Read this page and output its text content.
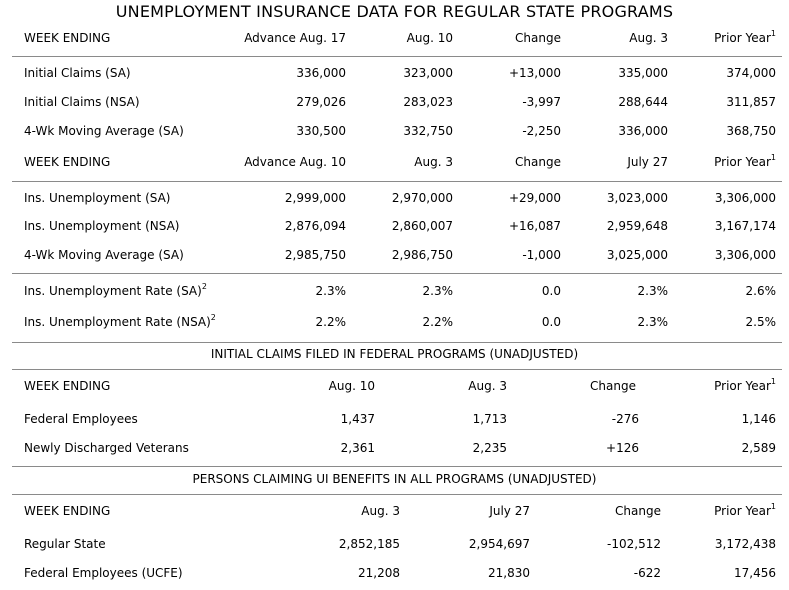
UNEMPLOYMENT INSURANCE DATA FOR REGULAR STATE PROGRAMS
WEEK ENDING	Advance Aug. 17	Aug. 10	Change	Aug. 3	Prior Year$^1$
Initial Claims (SA)	336,000	323,000	+13,000	335,000	374,000
Initial Claims (NSA)	279,026	283,023	-3,997	288,644	311,857
4-Wk Moving Average (SA)	330,500	332,750	-2,250	336,000	368,750
WEEK ENDING	Advance Aug. 10	Aug. 3	Change	July 27	Prior Year$^1$
Ins. Unemployment (SA)	2,999,000	2,970,000	+29,000	3,023,000	3,306,000
Ins. Unemployment (NSA)	2,876,094	2,860,007	+16,087	2,959,648	3,167,174
4-Wk Moving Average (SA)	2,985,750	2,986,750	-1,000	3,025,000	3,306,000
Ins. Unemployment Rate (SA)$^2$	2.3%	2.3%	0.0	2.3%	2.6%
Ins. Unemployment Rate (NSA)$^2$	2.2%	2.2%	0.0	2.3%	2.5%
INITIAL CLAIMS FILED IN FEDERAL PROGRAMS (UNADJUSTED)
WEEK ENDING	Aug. 10	Aug. 3	Change	Prior Year$^1$
Federal Employees	1,437	1,713	-276	1,146
Newly Discharged Veterans	2,361	2,235	+126	2,589
PERSONS CLAIMING UI BENEFITS IN ALL PROGRAMS (UNADJUSTED)
WEEK ENDING	Aug. 3	July 27	Change	Prior Year$^1$
Regular State	2,852,185	2,954,697	-102,512	3,172,438
Federal Employees (UCFE)	21,208	21,830	-622	17,456
